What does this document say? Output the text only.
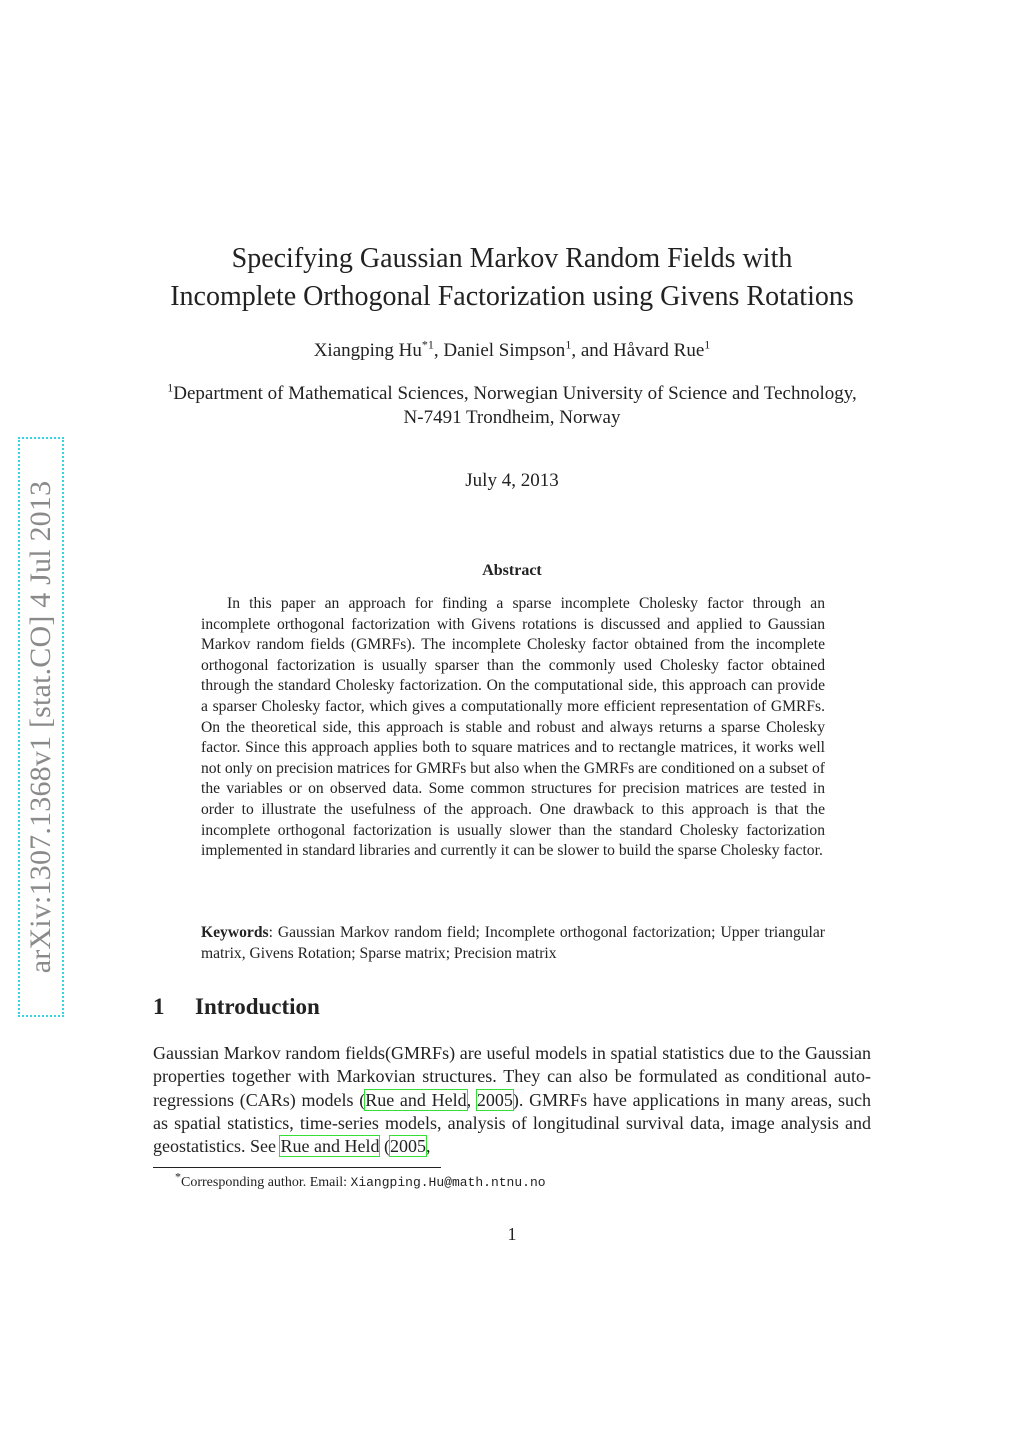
arXiv:1307.1368v1 [stat.CO] 4 Jul 2013
Specifying Gaussian Markov Random Fields with
Incomplete Orthogonal Factorization using Givens Rotations
Xiangping Hu$^{*1}$, Daniel Simpson$^1$, and Håvard Rue$^1$
$^1$Department of Mathematical Sciences, Norwegian University of Science and Technology, N-7491 Trondheim, Norway
July 4, 2013
Abstract

In this paper an approach for finding a sparse incomplete Cholesky factor through an incomplete orthogonal factorization with Givens rotations is discussed and applied to Gaussian Markov random fields (GMRFs). The incomplete Cholesky factor obtained from the incomplete orthogonal factorization is usually sparser than the commonly used Cholesky factor obtained through the standard Cholesky factorization. On the computational side, this approach can provide a sparser Cholesky factor, which gives a computationally more efficient representation of GMRFs. On the theoretical side, this approach is stable and robust and always returns a sparse Cholesky factor. Since this approach applies both to square matrices and to rectangle matrices, it works well not only on precision matrices for GMRFs but also when the GMRFs are conditioned on a subset of the variables or on observed data. Some common structures for precision matrices are tested in order to illustrate the usefulness of the approach. One drawback to this approach is that the incomplete orthogonal factorization is usually slower than the standard Cholesky factorization implemented in standard libraries and currently it can be slower to build the sparse Cholesky factor.

Keywords: Gaussian Markov random field; Incomplete orthogonal factorization; Upper triangular matrix, Givens Rotation; Sparse matrix; Precision matrix

1 Introduction

Gaussian Markov random fields(GMRFs) are useful models in spatial statistics due to the Gaussian properties together with Markovian structures. They can also be formulated as conditional auto-regressions (CARs) models (Rue and Held, 2005). GMRFs have applications in many areas, such as spatial statistics, time-series models, analysis of longitudinal survival data, image analysis and geostatistics. See Rue and Held (2005,

*Corresponding author. Email: Xiangping.Hu@math.ntnu.no
1
